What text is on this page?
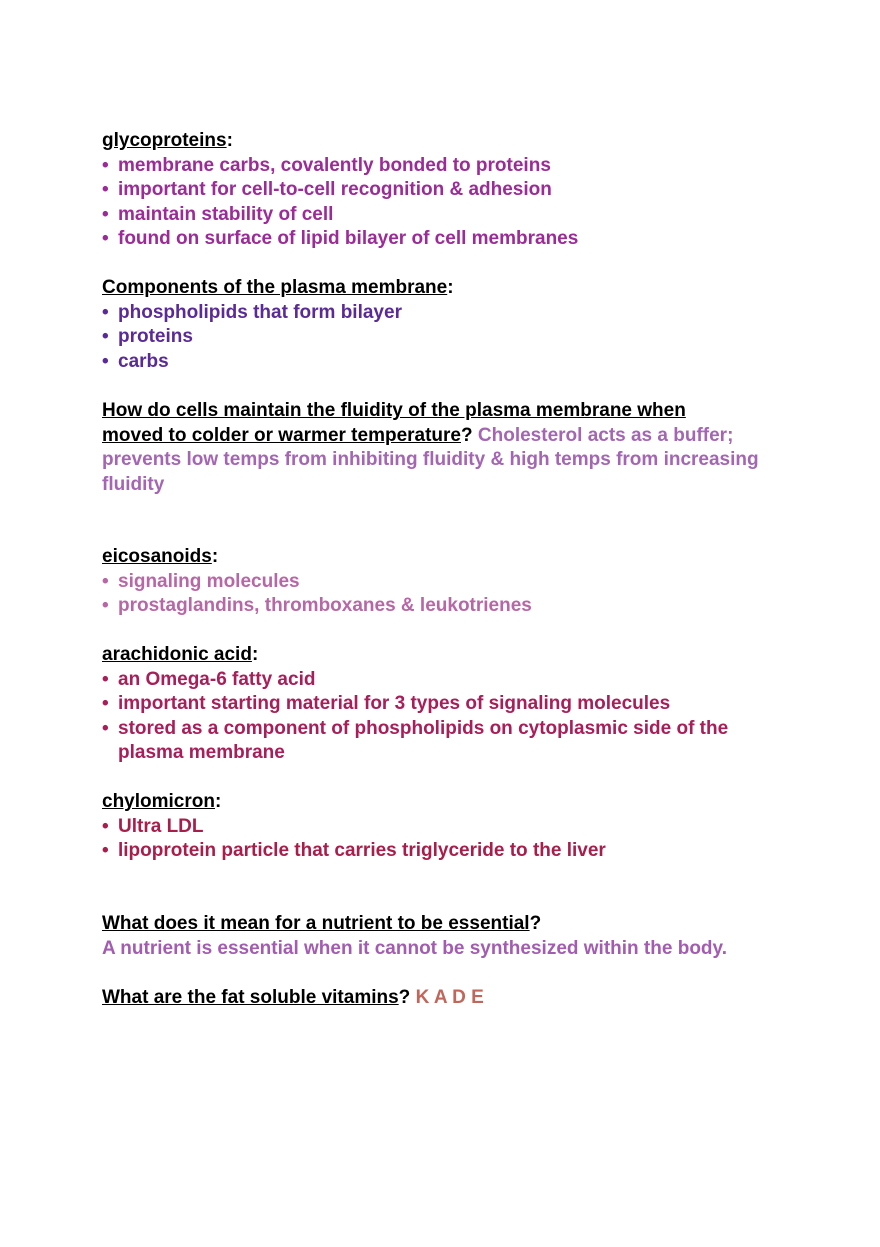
glycoproteins:

• membrane carbs, covalently bonded to proteins
• important for cell-to-cell recognition & adhesion
• maintain stability of cell
• found on surface of lipid bilayer of cell membranes

Components of the plasma membrane:

• phospholipids that form bilayer
• proteins
• carbs

How do cells maintain the fluidity of the plasma membrane when
moved to colder or warmer temperature? Cholesterol acts as a buffer; prevents low temps from inhibiting fluidity & high temps from increasing fluidity

eicosanoids:

• signaling molecules
• prostaglandins, thromboxanes & leukotrienes

arachidonic acid:

• an Omega-6 fatty acid
• important starting material for 3 types of signaling molecules
• stored as a component of phospholipids on cytoplasmic side of the plasma membrane

chylomicron:

• Ultra LDL
• lipoprotein particle that carries triglyceride to the liver

What does it mean for a nutrient to be essential?

A nutrient is essential when it cannot be synthesized within the body.

What are the fat soluble vitamins? K A D E
